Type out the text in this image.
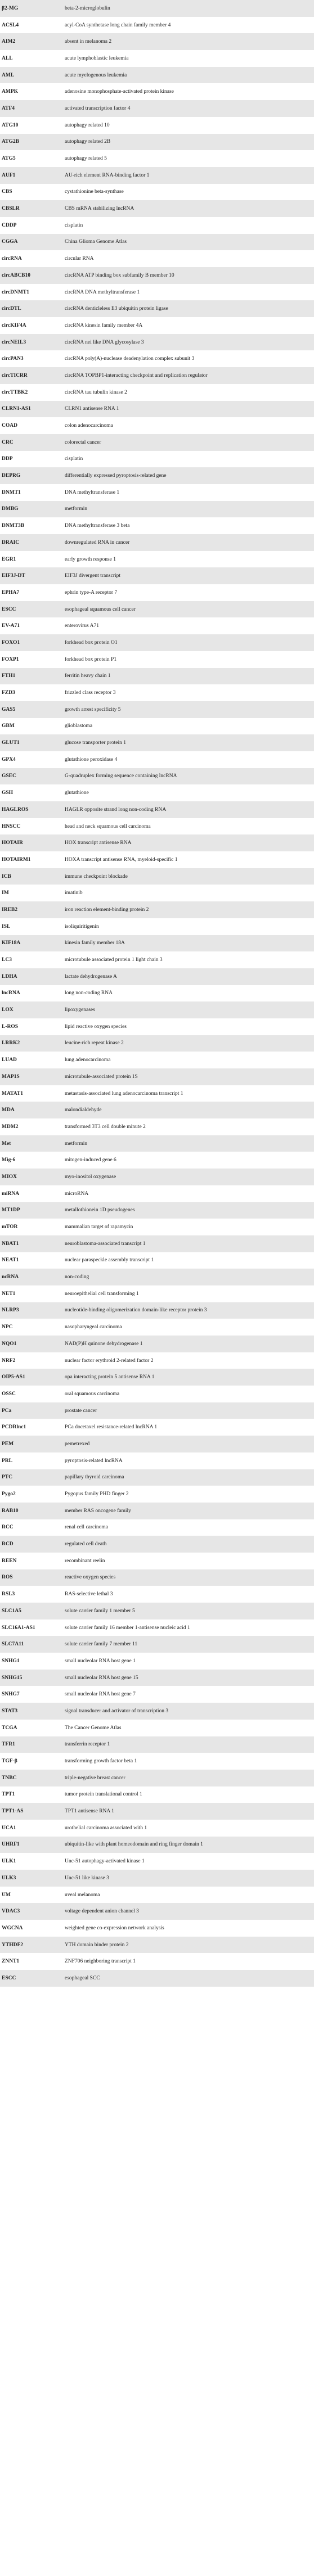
β2-MG	beta-2-microglobulin
ACSL4	acyl-CoA synthetase long chain family member 4
AIM2	absent in melanoma 2
ALL	acute lymphoblastic leukemia
AML	acute myelogenous leukemia
AMPK	adenosine monophosphate-activated protein kinase
ATF4	activated transcription factor 4
ATG10	autophagy related 10
ATG2B	autophagy related 2B
ATG5	autophagy related 5
AUF1	AU-rich element RNA-binding factor 1
CBS	cystathionine beta-synthase
CBSLR	CBS mRNA stabilizing lncRNA
CDDP	cisplatin
CGGA	China Glioma Genome Atlas
circRNA	circular RNA
circABCB10	circRNA ATP binding box subfamily B member 10
circDNMT1	circRNA DNA methyltransferase 1
circDTL	circRNA denticleless E3 ubiquitin protein ligase
circKIF4A	circRNA kinesin family member 4A
circNEIL3	circRNA nei like DNA glycosylase 3
circPAN3	circRNA poly(A)-nuclease deadenylation complex subunit 3
circTICRR	circRNA TOPBP1-interacting checkpoint and replication regulator
circTTBK2	circRNA tau tubulin kinase 2
CLRN1-AS1	CLRN1 antisense RNA 1
COAD	colon adenocarcinoma
CRC	colorectal cancer
DDP	cisplatin
DEPRG	differentially expressed pyroptosis-related gene
DNMT1	DNA methyltransferase 1
DMBG	metformin
DNMT3B	DNA methyltransferase 3 beta
DRAIC	downregulated RNA in cancer
EGR1	early growth response 1
EIF3J-DT	EIF3J divergent transcript
EPHA7	ephrin type-A receptor 7
ESCC	esophageal squamous cell cancer
EV-A71	enterovirus A71
FOXO1	forkhead box protein O1
FOXP1	forkhead box protein P1
FTH1	ferritin heavy chain 1
FZD3	frizzled class receptor 3
GAS5	growth arrest specificity 5
GBM	glioblastoma
GLUT1	glucose transporter protein 1
GPX4	glutathione peroxidase 4
GSEC	G-quadruplex forming sequence containing lncRNA
GSH	glutathione
HAGLROS	HAGLR opposite strand long non-coding RNA
HNSCC	head and neck squamous cell carcinoma
HOTAIR	HOX transcript antisense RNA
HOTAIRM1	HOXA transcript antisense RNA, myeloid-specific 1
ICB	immune checkpoint blockade
IM	imatinib
IREB2	iron reaction element-binding protein 2
ISL	isoliquiritigenin
KIF18A	kinesin family member 18A
LC3	microtubule associated protein 1 light chain 3
LDHA	lactate dehydrogenase A
lncRNA	long non-coding RNA
LOX	lipoxygenases
L-ROS	lipid reactive oxygen species
LRRK2	leucine-rich repeat kinase 2
LUAD	lung adenocarcinoma
MAP1S	microtubule-associated protein 1S
MATAT1	metastasis-associated lung adenocarcinoma transcript 1
MDA	malondialdehyde
MDM2	transformed 3T3 cell double minute 2
Met	metformin
Mig-6	mitogen-induced gene 6
MIOX	myo-inositol oxygenase
miRNA	microRNA
MT1DP	metallothionein 1D pseudogenes
mTOR	mammalian target of rapamycin
NBAT1	neuroblastoma-associated transcript 1
NEAT1	nuclear paraspeckle assembly transcript 1
ncRNA	non-coding
NET1	neuroepithelial cell transforming 1
NLRP3	nucleotide-binding oligomerization domain-like receptor protein 3
NPC	nasopharyngeal carcinoma
NQO1	NAD(P)H quinone dehydrogenase 1
NRF2	nuclear factor erythroid 2-related factor 2
OIP5-AS1	opa interacting protein 5 antisense RNA 1
OSSC	oral squamous carcinoma
PCa	prostate cancer
PCDRlnc1	PCa docetaxel resistance-related lncRNA 1
PEM	pemetrexed
PRL	pyroptosis-related lncRNA
PTC	papillary thyroid carcinoma
Pygo2	Pygopus family PHD finger 2
RAB10	member RAS oncogene family
RCC	renal cell carcinoma
RCD	regulated cell death
REEN	recombinant reelin
ROS	reactive oxygen species
RSL3	RAS-selective lethal 3
SLC1A5	solute carrier family 1 member 5
SLC16A1-AS1	solute carrier family 16 member 1-antisense nucleic acid 1
SLC7A11	solute carrier family 7 member 11
SNHG1	small nucleolar RNA host gene 1
SNHG15	small nucleolar RNA host gene 15
SNHG7	small nucleolar RNA host gene 7
STAT3	signal transducer and activator of transcription 3
TCGA	The Cancer Genome Atlas
TFR1	transferrin receptor 1
TGF-β	transforming growth factor beta 1
TNBC	triple-negative breast cancer
TPT1	tumor protein translational control 1
TPT1-AS	TPT1 antisense RNA 1
UCA1	urothelial carcinoma associated with 1
UHRF1	ubiquitin-like with plant homeodomain and ring finger domain 1
ULK1	Unc-51 autophagy-activated kinase 1
ULK3	Unc-51 like kinase 3
UM	uveal melanoma
VDAC3	voltage dependent anion channel 3
WGCNA	weighted gene co-expression network analysis
YTHDF2	YTH domain binder protein 2
ZNNT1	ZNF706 neighboring transcript 1
ESCC	esophageal SCC
